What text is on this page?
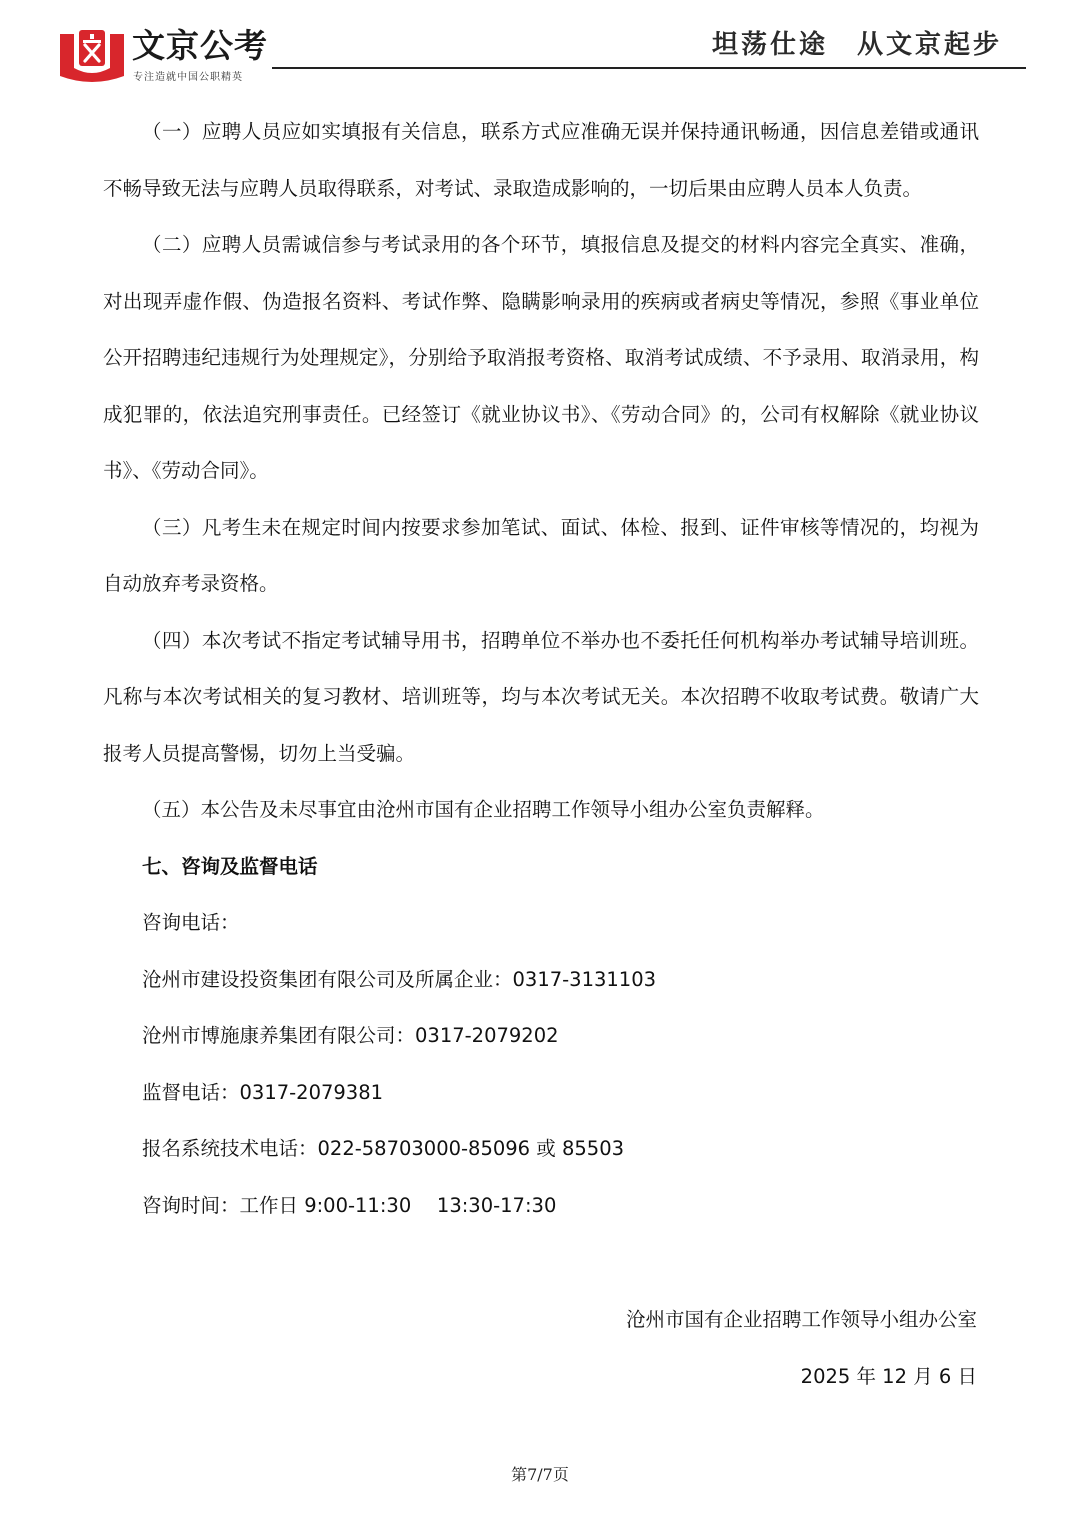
文京公考
专注造就中国公职精英
坦荡仕途　从文京起步

（一）应聘人员应如实填报有关信息，联系方式应准确无误并保持通讯畅通，因信息差错或通讯不畅导致无法与应聘人员取得联系，对考试、录取造成影响的，一切后果由应聘人员本人负责。

（二）应聘人员需诚信参与考试录用的各个环节，填报信息及提交的材料内容完全真实、准确，对出现弄虚作假、伪造报名资料、考试作弊、隐瞒影响录用的疾病或者病史等情况，参照《事业单位公开招聘违纪违规行为处理规定》，分别给予取消报考资格、取消考试成绩、不予录用、取消录用，构成犯罪的，依法追究刑事责任。已经签订《就业协议书》、《劳动合同》的，公司有权解除《就业协议书》、《劳动合同》。

（三）凡考生未在规定时间内按要求参加笔试、面试、体检、报到、证件审核等情况的，均视为自动放弃考录资格。

（四）本次考试不指定考试辅导用书，招聘单位不举办也不委托任何机构举办考试辅导培训班。凡称与本次考试相关的复习教材、培训班等，均与本次考试无关。本次招聘不收取考试费。敬请广大报考人员提高警惕，切勿上当受骗。

（五）本公告及未尽事宜由沧州市国有企业招聘工作领导小组办公室负责解释。

七、咨询及监督电话

咨询电话：

沧州市建设投资集团有限公司及所属企业：0317-3131103

沧州市博施康养集团有限公司：0317-2079202

监督电话：0317-2079381

报名系统技术电话：022-58703000-85096 或 85503

咨询时间：工作日 9:00-11:30　 13:30-17:30

沧州市国有企业招聘工作领导小组办公室

2025 年 12 月 6 日

第7/7页
